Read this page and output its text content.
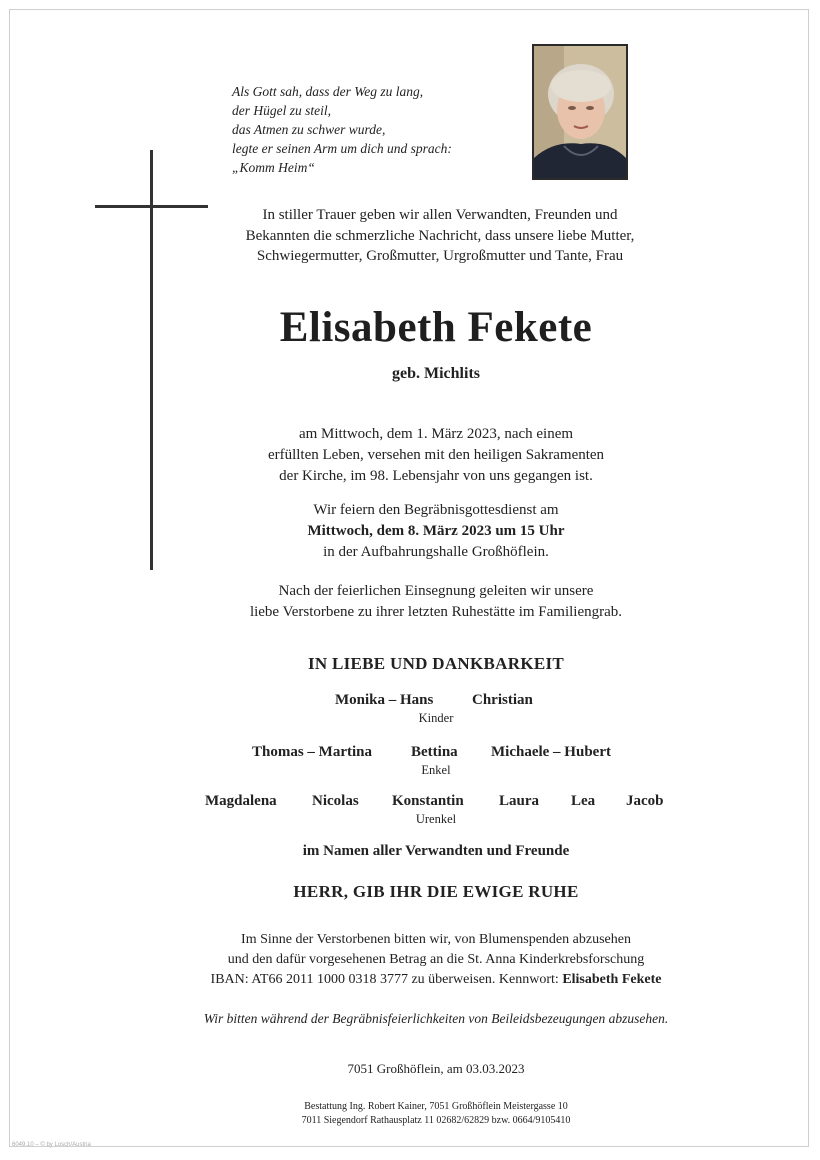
Als Gott sah, dass der Weg zu lang,
der Hügel zu steil,
das Atmen zu schwer wurde,
legte er seinen Arm um dich und sprach:
„Komm Heim“
In stiller Trauer geben wir allen Verwandten, Freunden und
Bekannten die schmerzliche Nachricht, dass unsere liebe Mutter,
Schwiegermutter, Großmutter, Urgroßmutter und Tante, Frau
Elisabeth Fekete
geb. Michlits
am Mittwoch, dem 1. März 2023, nach einem
erfüllten Leben, versehen mit den heiligen Sakramenten
der Kirche, im 98. Lebensjahr von uns gegangen ist.
Wir feiern den Begräbnisgottesdienst am
Mittwoch, dem 8. März 2023 um 15 Uhr
in der Aufbahrungshalle Großhöflein.
Nach der feierlichen Einsegnung geleiten wir unsere
liebe Verstorbene zu ihrer letzten Ruhestätte im Familiengrab.
IN LIEBE UND DANKBARKEIT
Monika – Hans	Christian
Kinder
Thomas – Martina	Bettina Michaele – Hubert
Enkel
Magdalena Nicolas Konstantin Laura Lea Jacob
Urenkel
im Namen aller Verwandten und Freunde
HERR, GIB IHR DIE EWIGE RUHE
Im Sinne der Verstorbenen bitten wir, von Blumenspenden abzusehen
und den dafür vorgesehenen Betrag an die St. Anna Kinderkrebsforschung
IBAN: AT66 2011 1000 0318 3777 zu überweisen. Kennwort: Elisabeth Fekete
Wir bitten während der Begräbnisfeierlichkeiten von Beileidsbezeugungen abzusehen.
7051 Großhöflein, am 03.03.2023
Bestattung Ing. Robert Kainer, 7051 Großhöflein Meistergasse 10
7011 Siegendorf Rathausplatz 11 02682/62829 bzw. 0664/9105410
6049.10 – © by Losch/Austria
